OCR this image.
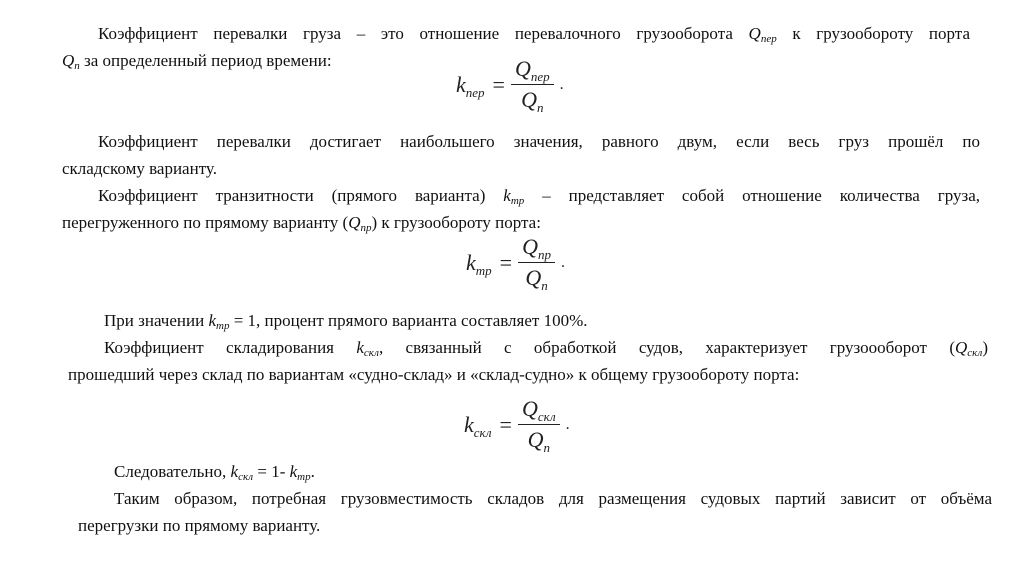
Коэффициент перевалки груза – это отношение перевалочного грузооборота $Q_{пер}$ к грузообороту порта

$Q_п$ за определенный период времени:

$k_{пер} = \frac{Q_{пер}}{Q_п}$ .

Коэффициент перевалки достигает наибольшего значения, равного двум, если весь груз прошёл по

складскому варианту.

Коэффициент транзитности (прямого варианта) $k_{тр}$ – представляет собой отношение количества груза,

перегруженного по прямому варианту $(Q_{пр})$ к грузообороту порта:

$k_{тр} = \frac{Q_{пр}}{Q_п}$ .

При значении $k_{тр} = 1$, процент прямого варианта составляет 100%.

Коэффициент складирования $k_{скл}$, связанный с обработкой судов, характеризует грузоооборот $(Q_{скл})$

прошедший через склад по вариантам «судно-склад» и «склад-судно» к общему грузообороту порта:

$k_{скл} = \frac{Q_{скл}}{Q_п}$ .

Следовательно, $k_{скл} = 1-$ $k_{тр}$.

Таким образом, потребная грузовместимость складов для размещения судовых партий зависит от объёма

перегрузки по прямому варианту.
